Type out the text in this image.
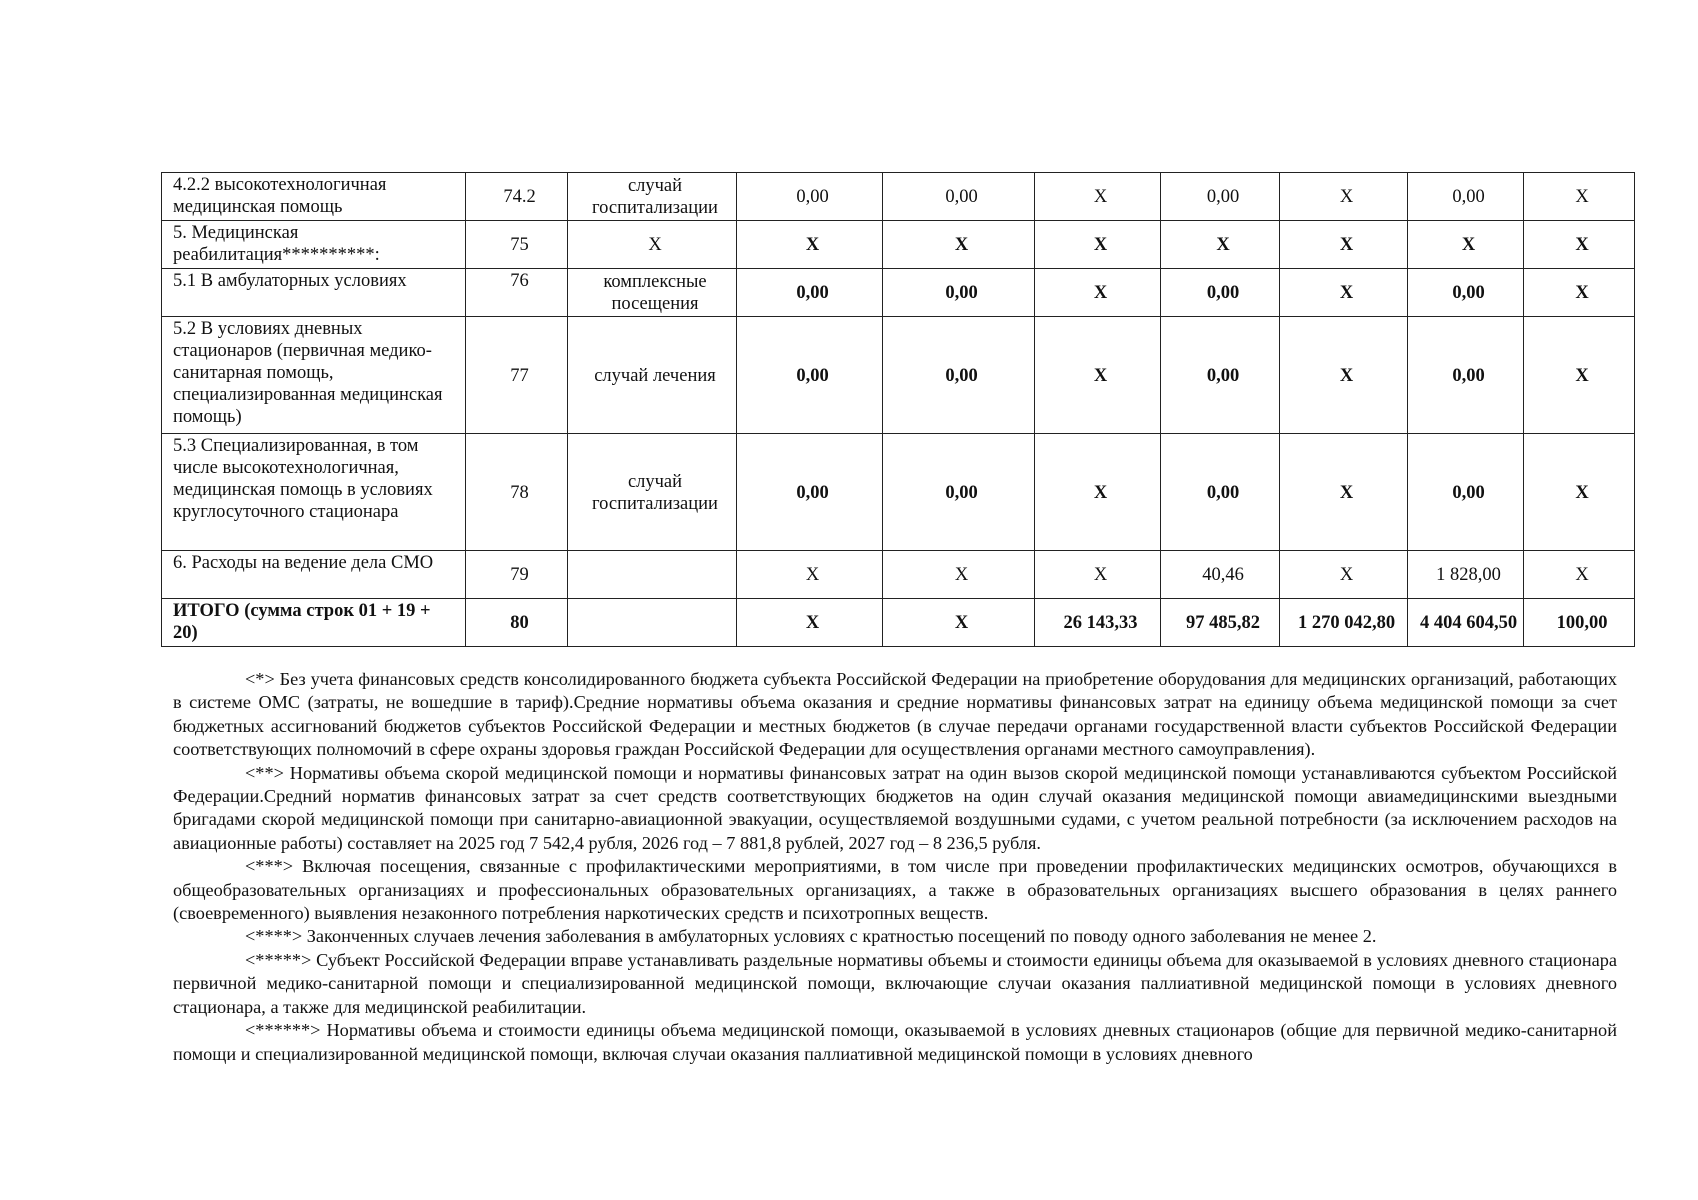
4.2.2 высокотехнологичная медицинская помощь	74.2	случай госпитализации	0,00	0,00	X	0,00	X	0,00	X
5. Медицинская реабилитация**********:	75	X	X	X	X	X	X	X	X
5.1 В амбулаторных условиях	76	комплексные посещения	0,00	0,00	X	0,00	X	0,00	X
5.2 В условиях дневных стационаров (первичная медико-санитарная помощь, специализированная медицинская помощь)	77	случай лечения	0,00	0,00	X	0,00	X	0,00	X
5.3 Специализированная, в том числе высокотехнологичная, медицинская помощь в условиях круглосуточного стационара	78	случай госпитализации	0,00	0,00	X	0,00	X	0,00	X
6. Расходы на ведение дела СМО	79		X	X	X	40,46	X	1 828,00	X
ИТОГО (сумма строк 01 + 19 + 20)	80		X	X	26 143,33	97 485,82	1 270 042,80	4 404 604,50	100,00

<*> Без учета финансовых средств консолидированного бюджета субъекта Российской Федерации на приобретение оборудования для медицинских организаций, работающих в системе ОМС (затраты, не вошедшие в тариф).Средние нормативы объема оказания и средние нормативы финансовых затрат на единицу объема медицинской помощи за счет бюджетных ассигнований бюджетов субъектов Российской Федерации и местных бюджетов (в случае передачи органами государственной власти субъектов Российской Федерации соответствующих полномочий в сфере охраны здоровья граждан Российской Федерации для осуществления органами местного самоуправления).

<**> Нормативы объема скорой медицинской помощи и нормативы финансовых затрат на один вызов скорой медицинской помощи устанавливаются субъектом Российской Федерации.Средний норматив финансовых затрат за счет средств соответствующих бюджетов на один случай оказания медицинской помощи авиамедицинскими выездными бригадами скорой медицинской помощи при санитарно-авиационной эвакуации, осуществляемой воздушными судами, с учетом реальной потребности (за исключением расходов на авиационные работы) составляет на 2025 год 7 542,4 рубля, 2026 год – 7 881,8 рублей, 2027 год – 8 236,5 рубля.

<***> Включая посещения, связанные с профилактическими мероприятиями, в том числе при проведении профилактических медицинских осмотров, обучающихся в общеобразовательных организациях и профессиональных образовательных организациях, а также в образовательных организациях высшего образования в целях раннего (своевременного) выявления незаконного потребления наркотических средств и психотропных веществ.

<****> Законченных случаев лечения заболевания в амбулаторных условиях с кратностью посещений по поводу одного заболевания не менее 2.

<*****> Субъект Российской Федерации вправе устанавливать раздельные нормативы объемы и стоимости единицы объема для оказываемой в условиях дневного стационара первичной медико-санитарной помощи и специализированной медицинской помощи, включающие случаи оказания паллиативной медицинской помощи в условиях дневного стационара, а также для медицинской реабилитации.

<******> Нормативы объема и стоимости единицы объема медицинской помощи, оказываемой в условиях дневных стационаров (общие для первичной медико-санитарной помощи и специализированной медицинской помощи, включая случаи оказания паллиативной медицинской помощи в условиях дневного
